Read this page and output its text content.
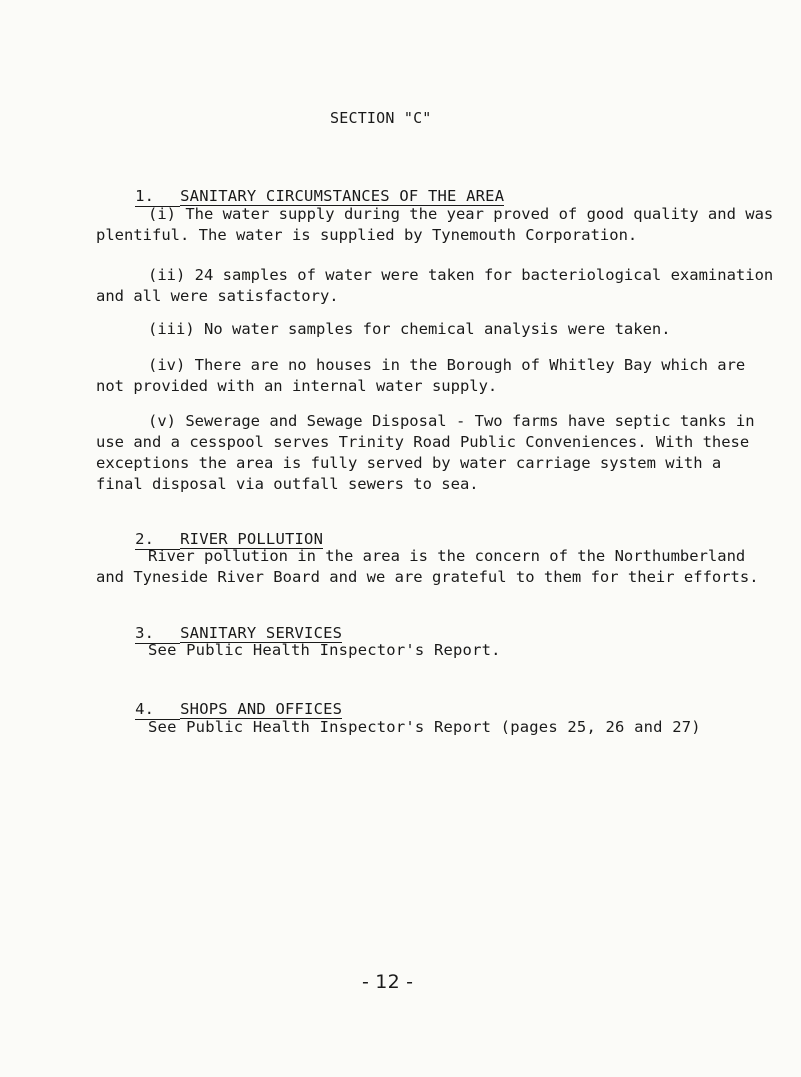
SECTION "C"

1. SANITARY CIRCUMSTANCES OF THE AREA

(i) The water supply during the year proved of good quality and was plentiful. The water is supplied by Tynemouth Corporation.
(ii) 24 samples of water were taken for bacteriological examination and all were satisfactory.
(iii) No water samples for chemical analysis were taken.
(iv) There are no houses in the Borough of Whitley Bay which are not provided with an internal water supply.
(v) Sewerage and Sewage Disposal - Two farms have septic tanks in use and a cesspool serves Trinity Road Public Conveniences. With these exceptions the area is fully served by water carriage system with a final disposal via outfall sewers to sea.

2. RIVER POLLUTION

River pollution in the area is the concern of the Northumberland and Tyneside River Board and we are grateful to them for their efforts.

3. SANITARY SERVICES

See Public Health Inspector's Report.

4. SHOPS AND OFFICES

See Public Health Inspector's Report (pages 25, 26 and 27)
- 12 -
